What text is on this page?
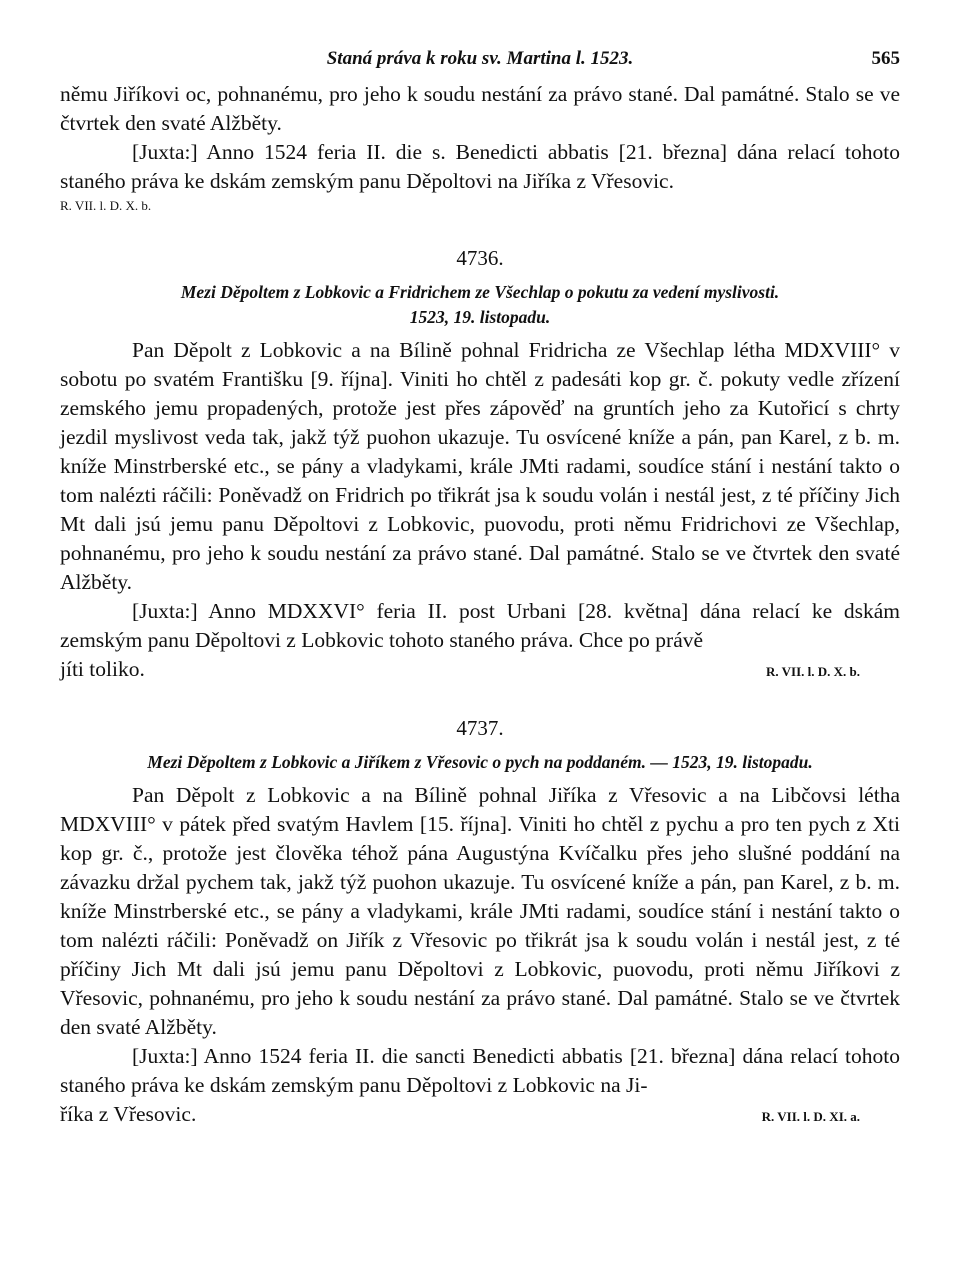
Staná práva k roku sv. Martina l. 1523.	565

němu Jiříkovi oc, pohnanému, pro jeho k soudu nestání za právo stané. Dal památné. Stalo se ve čtvrtek den svaté Alžběty.

[Juxta:] Anno 1524 feria II. die s. Benedicti abbatis [21. března] dána relací tohoto staného práva ke dskám zemským panu Děpoltovi na Jiříka z Vřesovic.

R. VII. l. D. X. b.

4736.
Mezi Děpoltem z Lobkovic a Fridrichem ze Všechlap o pokutu za vedení myslivosti.
1523, 19. listopadu.

Pan Děpolt z Lobkovic a na Bílině pohnal Fridricha ze Všechlap létha MDXVIII° v sobotu po svatém Františku [9. října]. Viniti ho chtěl z padesáti kop gr. č. pokuty vedle zřízení zemského jemu propadených, protože jest přes zápověď na gruntích jeho za Kutořicí s chrty jezdil myslivost veda tak, jakž týž puohon ukazuje. Tu osvícené kníže a pán, pan Karel, z b. m. kníže Minstrberské etc., se pány a vladykami, krále JMti radami, soudíce stání i nestání takto o tom nalézti ráčili: Poněvadž on Fridrich po třikrát jsa k soudu volán i nestál jest, z té příčiny Jich Mt dali jsú jemu panu Děpoltovi z Lobkovic, puovodu, proti němu Fridrichovi ze Všechlap, pohnanému, pro jeho k soudu nestání za právo stané. Dal památné. Stalo se ve čtvrtek den svaté Alžběty.

[Juxta:] Anno MDXXVI° feria II. post Urbani [28. května] dána relací ke dskám zemským panu Děpoltovi z Lobkovic tohoto staného práva. Chce po právě

jíti toliko.	R. VII. l. D. X. b.
4737.
Mezi Děpoltem z Lobkovic a Jiříkem z Vřesovic o pych na poddaném. — 1523, 19. listopadu.

Pan Děpolt z Lobkovic a na Bílině pohnal Jiříka z Vřesovic a na Libčovsi létha MDXVIII° v pátek před svatým Havlem [15. října]. Viniti ho chtěl z pychu a pro ten pych z Xti kop gr. č., protože jest člověka téhož pána Augustýna Kvíčalku přes jeho slušné poddání na závazku držal pychem tak, jakž týž puohon ukazuje. Tu osvícené kníže a pán, pan Karel, z b. m. kníže Minstrberské etc., se pány a vladykami, krále JMti radami, soudíce stání i nestání takto o tom nalézti ráčili: Poněvadž on Jiřík z Vřesovic po třikrát jsa k soudu volán i nestál jest, z té příčiny Jich Mt dali jsú jemu panu Děpoltovi z Lobkovic, puovodu, proti němu Jiříkovi z Vřesovic, pohnanému, pro jeho k soudu nestání za právo stané. Dal památné. Stalo se ve čtvrtek den svaté Alžběty.

[Juxta:] Anno 1524 feria II. die sancti Benedicti abbatis [21. března] dána relací tohoto staného práva ke dskám zemským panu Děpoltovi z Lobkovic na Ji-

říka z Vřesovic.	R. VII. l. D. XI. a.
